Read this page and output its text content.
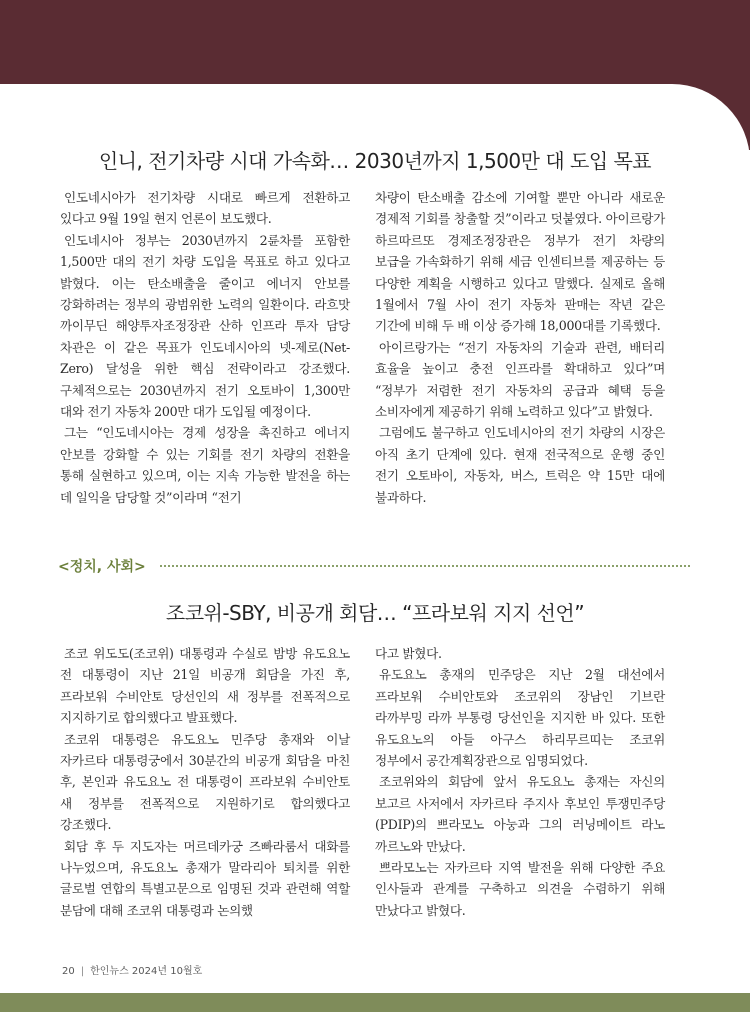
인니, 전기차량 시대 가속화… 2030년까지 1,500만 대 도입 목표

인도네시아가 전기차량 시대로 빠르게 전환하고 있다고 9월 19일 현지 언론이 보도했다.

인도네시아 정부는 2030년까지 2륜차를 포함한 1,500만 대의 전기 차량 도입을 목표로 하고 있다고 밝혔다. 이는 탄소배출을 줄이고 에너지 안보를 강화하려는 정부의 광범위한 노력의 일환이다. 라흐맛 까이무딘 해양투자조정장관 산하 인프라 투자 담당 차관은 이 같은 목표가 인도네시아의 넷-제로(Net-Zero) 달성을 위한 핵심 전략이라고 강조했다. 구체적으로는 2030년까지 전기 오토바이 1,300만 대와 전기 자동차 200만 대가 도입될 예정이다.

그는 “인도네시아는 경제 성장을 촉진하고 에너지 안보를 강화할 수 있는 기회를 전기 차량의 전환을 통해 실현하고 있으며, 이는 지속 가능한 발전을 하는 데 일익을 담당할 것”이라며 “전기

차량이 탄소배출 감소에 기여할 뿐만 아니라 새로운 경제적 기회를 창출할 것”이라고 덧붙였다. 아이르랑가 하르따르또 경제조정장관은 정부가 전기 차량의 보급을 가속화하기 위해 세금 인센티브를 제공하는 등 다양한 계획을 시행하고 있다고 말했다. 실제로 올해 1월에서 7월 사이 전기 자동차 판매는 작년 같은 기간에 비해 두 배 이상 증가해 18,000대를 기록했다.

아이르랑가는 “전기 자동차의 기술과 관련, 배터리 효율을 높이고 충전 인프라를 확대하고 있다”며 “정부가 저렴한 전기 자동차의 공급과 혜택 등을 소비자에게 제공하기 위해 노력하고 있다”고 밝혔다.

그럼에도 불구하고 인도네시아의 전기 차량의 시장은 아직 초기 단계에 있다. 현재 전국적으로 운행 중인 전기 오토바이, 자동차, 버스, 트럭은 약 15만 대에 불과하다.

<정치, 사회>
조코위-SBY, 비공개 회담… “프라보워 지지 선언”

조코 위도도(조코위) 대통령과 수실로 밤방 유도요노 전 대통령이 지난 21일 비공개 회담을 가진 후, 프라보워 수비안토 당선인의 새 정부를 전폭적으로 지지하기로 합의했다고 발표했다.

조코위 대통령은 유도요노 민주당 총재와 이날 자카르타 대통령궁에서 30분간의 비공개 회담을 마친 후, 본인과 유도요노 전 대통령이 프라보워 수비안토 새 정부를 전폭적으로 지원하기로 합의했다고 강조했다.

회담 후 두 지도자는 머르데카궁 즈빠라룸서 대화를 나누었으며, 유도요노 총재가 말라리아 퇴치를 위한 글로벌 연합의 특별고문으로 임명된 것과 관련해 역할 분담에 대해 조코위 대통령과 논의했

다고 밝혔다.

유도요노 총재의 민주당은 지난 2월 대선에서 프라보워 수비안토와 조코위의 장남인 기브란 라까부밍 라까 부통령 당선인을 지지한 바 있다. 또한 유도요노의 아들 아구스 하리무르띠는 조코위 정부에서 공간계획장관으로 임명되었다.

조코위와의 회담에 앞서 유도요노 총재는 자신의 보고르 사저에서 자카르타 주지사 후보인 투쟁민주당(PDIP)의 쁘라모노 아눙과 그의 러닝메이트 라노 까르노와 만났다.

쁘라모노는 자카르타 지역 발전을 위해 다양한 주요 인사들과 관계를 구축하고 의견을 수렴하기 위해 만났다고 밝혔다.

20 | 한인뉴스 2024년 10월호
